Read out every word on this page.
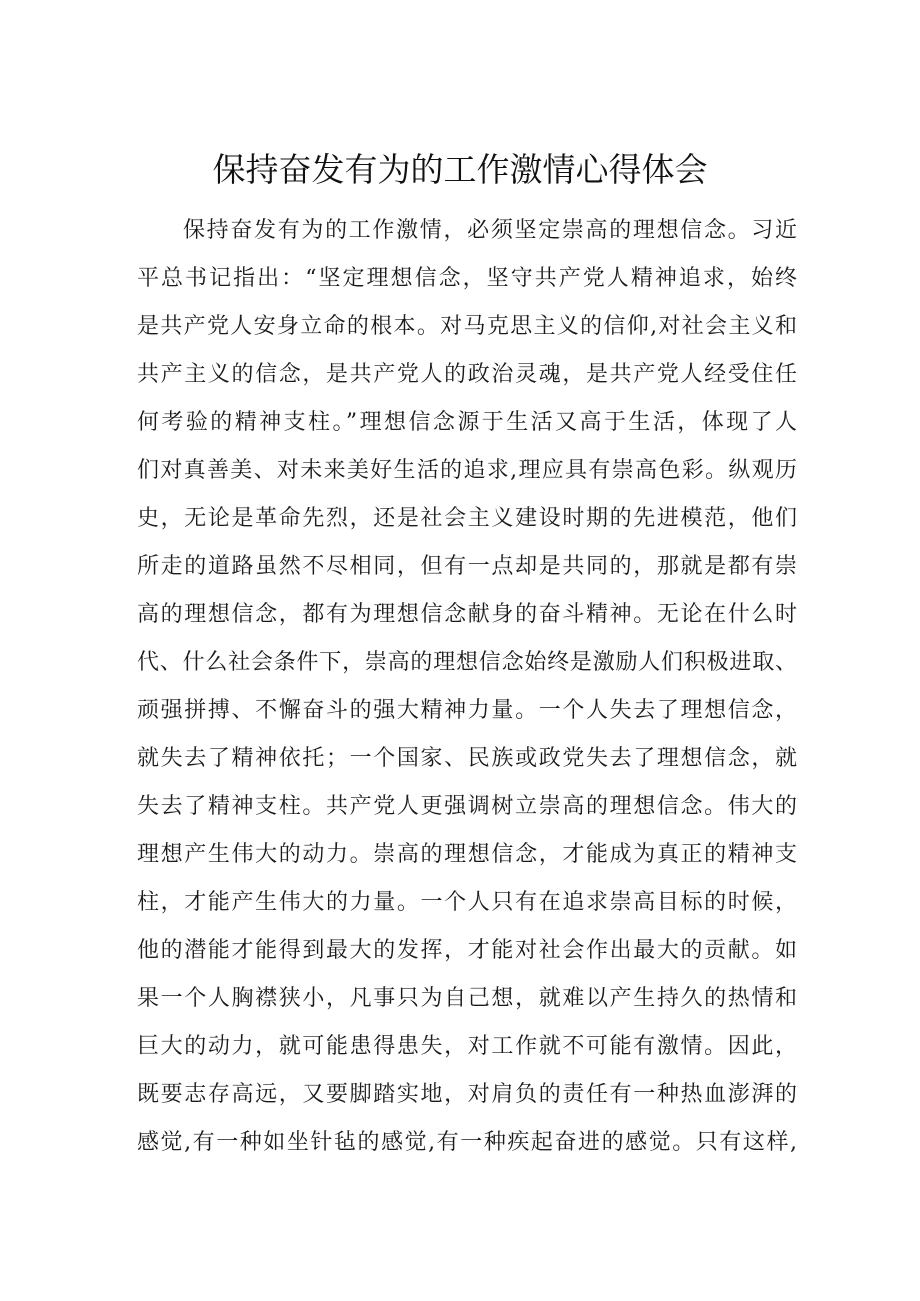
保持奋发有为的工作激情心得体会
保持奋发有为的工作激情，必须坚定崇高的理想信念。习近
平总书记指出：“坚定理想信念，坚守共产党人精神追求，始终
是共产党人安身立命的根本。对马克思主义的信仰,对社会主义和
共产主义的信念，是共产党人的政治灵魂，是共产党人经受住任
何考验的精神支柱。”理想信念源于生活又高于生活，体现了人
们对真善美、对未来美好生活的追求,理应具有崇高色彩。纵观历
史，无论是革命先烈，还是社会主义建设时期的先进模范，他们
所走的道路虽然不尽相同，但有一点却是共同的，那就是都有崇
高的理想信念，都有为理想信念献身的奋斗精神。无论在什么时
代、什么社会条件下，崇高的理想信念始终是激励人们积极进取、
顽强拼搏、不懈奋斗的强大精神力量。一个人失去了理想信念，
就失去了精神依托；一个国家、民族或政党失去了理想信念，就
失去了精神支柱。共产党人更强调树立崇高的理想信念。伟大的
理想产生伟大的动力。崇高的理想信念，才能成为真正的精神支
柱，才能产生伟大的力量。一个人只有在追求崇高目标的时候，
他的潜能才能得到最大的发挥，才能对社会作出最大的贡献。如
果一个人胸襟狭小，凡事只为自己想，就难以产生持久的热情和
巨大的动力，就可能患得患失，对工作就不可能有激情。因此，
既要志存高远，又要脚踏实地，对肩负的责任有一种热血澎湃的
感觉,有一种如坐针毡的感觉,有一种疾起奋进的感觉。只有这样,
